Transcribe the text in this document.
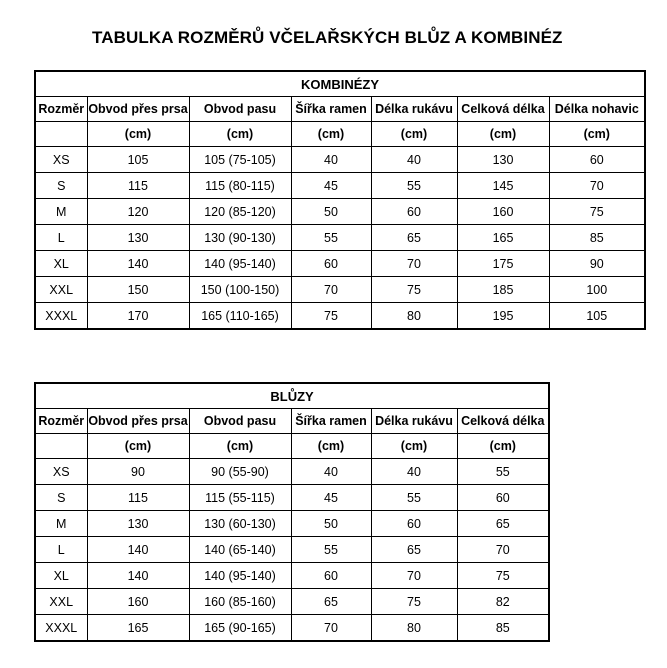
TABULKA ROZMĚRŮ VČELAŘSKÝCH BLŮZ A KOMBINÉZ
KOMBINÉZY						
Rozměr	Obvod přes prsa	Obvod pasu	Šířka ramen	Délka rukávu	Celková délka	Délka nohavic
	(cm)	(cm)	(cm)	(cm)	(cm)	(cm)
XS	105	105 (75-105)	40	40	130	60
S	115	115 (80-115)	45	55	145	70
M	120	120 (85-120)	50	60	160	75
L	130	130 (90-130)	55	65	165	85
XL	140	140 (95-140)	60	70	175	90
XXL	150	150 (100-150)	70	75	185	100
XXXL	170	165 (110-165)	75	80	195	105
BLŮZY					
Rozměr	Obvod přes prsa	Obvod pasu	Šířka ramen	Délka rukávu	Celková délka
	(cm)	(cm)	(cm)	(cm)	(cm)
XS	90	90 (55-90)	40	40	55
S	115	115 (55-115)	45	55	60
M	130	130 (60-130)	50	60	65
L	140	140 (65-140)	55	65	70
XL	140	140 (95-140)	60	70	75
XXL	160	160 (85-160)	65	75	82
XXXL	165	165 (90-165)	70	80	85
